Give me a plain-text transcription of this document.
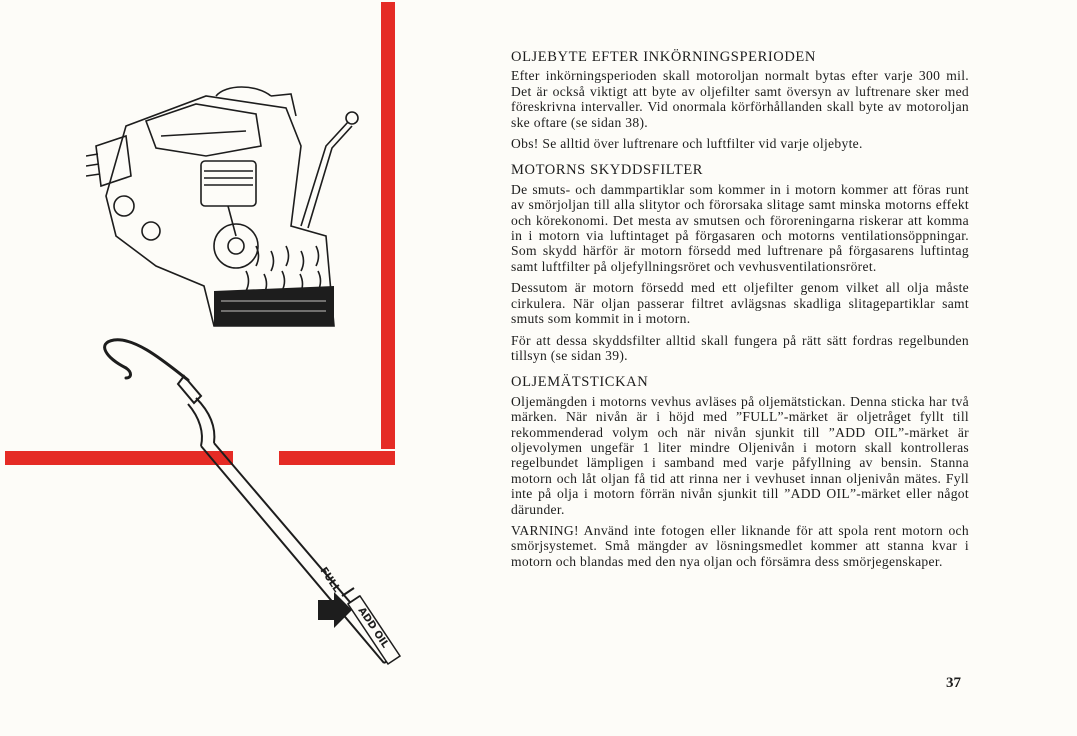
FULL
ADD OIL
OLJEBYTE EFTER INKÖRNINGSPERIODEN

Efter inkörningsperioden skall motoroljan normalt bytas efter varje 300 mil. Det är också viktigt att byte av oljefilter samt översyn av luftrenare sker med föreskrivna intervaller. Vid onormala körförhållanden skall byte av motoroljan ske oftare (se sidan 38).

Obs! Se alltid över luftrenare och luftfilter vid varje oljebyte.

MOTORNS SKYDDSFILTER

De smuts- och dammpartiklar som kommer in i motorn kommer att föras runt av smörjoljan till alla slitytor och förorsaka slitage samt minska motorns effekt och körekonomi. Det mesta av smutsen och föroreningarna riskerar att komma in i motorn via luftintaget på förgasaren och motorns ventilationsöppningar. Som skydd härför är motorn försedd med luftrenare på förgasarens luftintag samt luftfilter på oljefyllningsröret och vevhusventilationsröret.

Dessutom är motorn försedd med ett oljefilter genom vilket all olja måste cirkulera. När oljan passerar filtret avlägsnas skadliga slitagepartiklar samt smuts som kommit in i motorn.

För att dessa skyddsfilter alltid skall fungera på rätt sätt fordras regelbunden tillsyn (se sidan 39).

OLJEMÄTSTICKAN

Oljemängden i motorns vevhus avläses på oljemätstickan. Denna sticka har två märken. När nivån är i höjd med ”FULL”-märket är oljetråget fyllt till rekommenderad volym och när nivån sjunkit till ”ADD OIL”-märket är oljevolymen ungefär 1 liter mindre Oljenivån i motorn skall kontrolleras regelbundet lämpligen i samband med varje påfyllning av bensin. Stanna motorn och låt oljan få tid att rinna ner i vevhuset innan oljenivån mätes. Fyll inte på olja i motorn förrän nivån sjunkit till ”ADD OIL”-märket eller något därunder.

VARNING! Använd inte fotogen eller liknande för att spola rent motorn och smörjsystemet. Små mängder av lösningsmedlet kommer att stanna kvar i motorn och blandas med den nya oljan och försämra dess smörjegenskaper.

37
